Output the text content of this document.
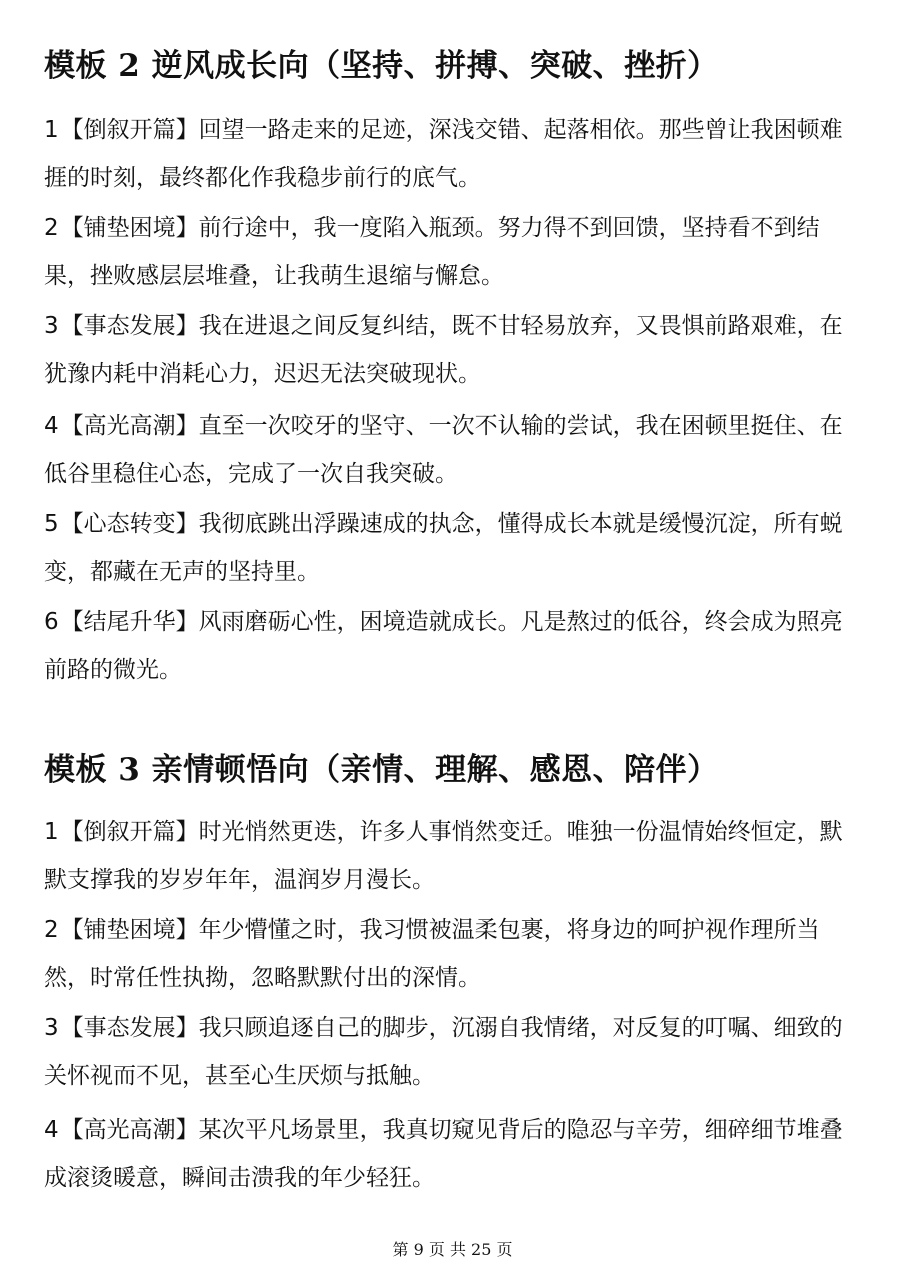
模板 2 逆风成长向（坚持、拼搏、突破、挫折）

1【倒叙开篇】回望一路走来的足迹，深浅交错、起落相依。那些曾让我困顿难捱的时刻，最终都化作我稳步前行的底气。

2【铺垫困境】前行途中，我一度陷入瓶颈。努力得不到回馈，坚持看不到结果，挫败感层层堆叠，让我萌生退缩与懈怠。

3【事态发展】我在进退之间反复纠结，既不甘轻易放弃，又畏惧前路艰难，在犹豫内耗中消耗心力，迟迟无法突破现状。

4【高光高潮】直至一次咬牙的坚守、一次不认输的尝试，我在困顿里挺住、在低谷里稳住心态，完成了一次自我突破。

5【心态转变】我彻底跳出浮躁速成的执念，懂得成长本就是缓慢沉淀，所有蜕变，都藏在无声的坚持里。

6【结尾升华】风雨磨砺心性，困境造就成长。凡是熬过的低谷，终会成为照亮前路的微光。

模板 3 亲情顿悟向（亲情、理解、感恩、陪伴）

1【倒叙开篇】时光悄然更迭，许多人事悄然变迁。唯独一份温情始终恒定，默默支撑我的岁岁年年，温润岁月漫长。

2【铺垫困境】年少懵懂之时，我习惯被温柔包裹，将身边的呵护视作理所当然，时常任性执拗，忽略默默付出的深情。

3【事态发展】我只顾追逐自己的脚步，沉溺自我情绪，对反复的叮嘱、细致的关怀视而不见，甚至心生厌烦与抵触。

4【高光高潮】某次平凡场景里，我真切窥见背后的隐忍与辛劳，细碎细节堆叠成滚烫暖意，瞬间击溃我的年少轻狂。

第 9 页 共 25 页
